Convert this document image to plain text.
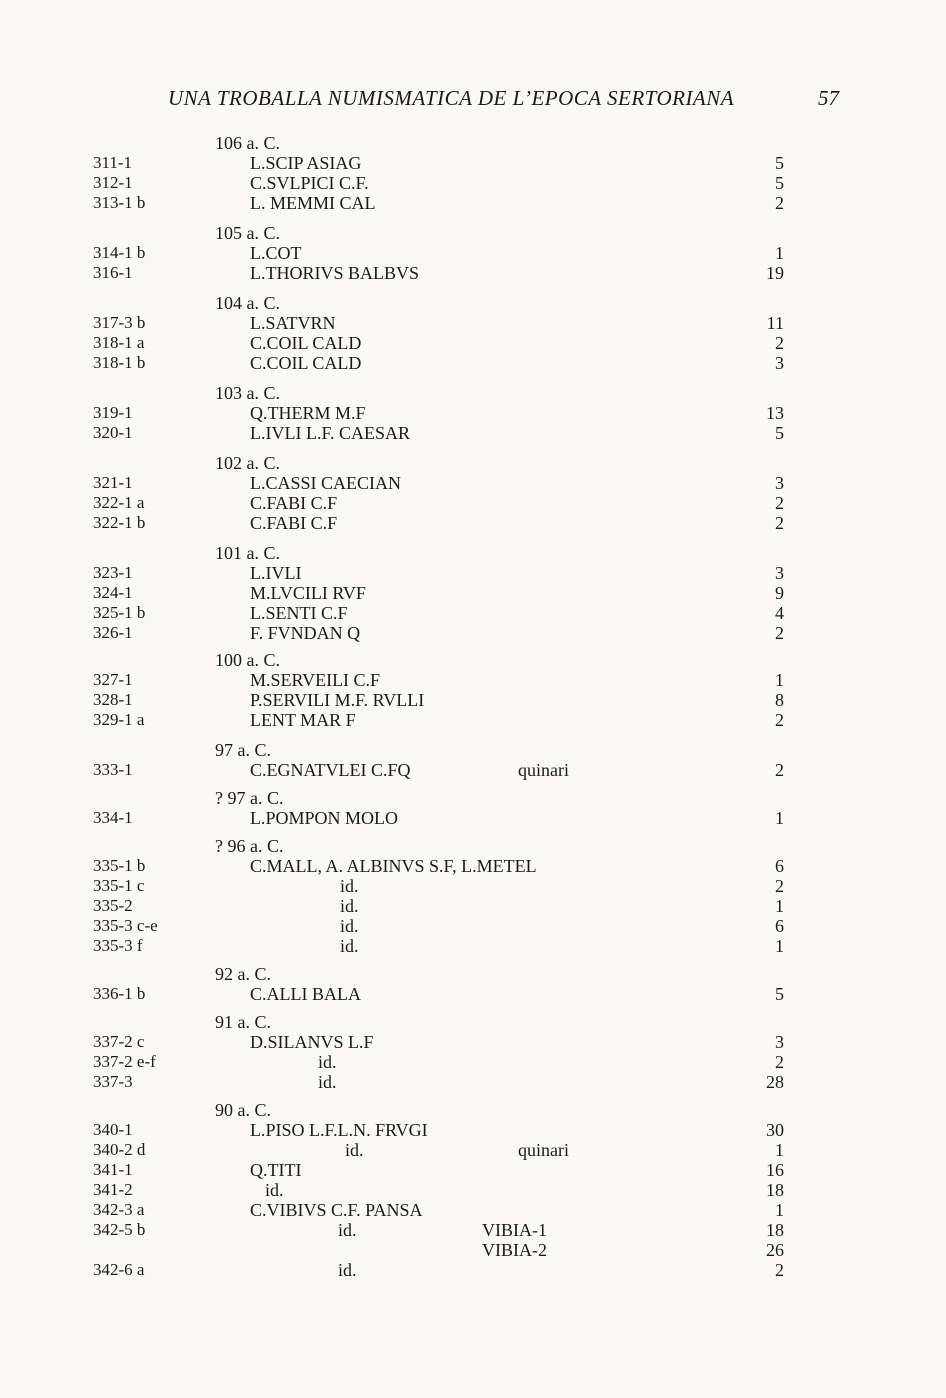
UNA TROBALLA NUMISMATICA DE L’EPOCA SERTORIANA	57
106 a. C.
311-1	L.SCIP ASIAG	5
312-1	C.SVLPICI C.F.	5
313-1 b	L. MEMMI CAL	2
105 a. C.
314-1 b	L.COT	1
316-1	L.THORIVS BALBVS	19
104 a. C.
317-3 b	L.SATVRN	11
318-1 a	C.COIL CALD	2
318-1 b	C.COIL CALD	3
103 a. C.
319-1	Q.THERM M.F	13
320-1	L.IVLI L.F. CAESAR	5
102 a. C.
321-1	L.CASSI CAECIAN	3
322-1 a	C.FABI C.F	2
322-1 b	C.FABI C.F	2
101 a. C.
323-1	L.IVLI	3
324-1	M.LVCILI RVF	9
325-1 b	L.SENTI C.F	4
326-1	F. FVNDAN Q	2
100 a. C.
327-1	M.SERVEILI C.F	1
328-1	P.SERVILI M.F. RVLLI	8
329-1 a	LENT MAR F	2
97 a. C.
333-1	C.EGNATVLEI C.FQ	quinari	2
? 97 a. C.
334-1	L.POMPON MOLO	1
? 96 a. C.
335-1 b	C.MALL, A. ALBINVS S.F, L.METEL	6
335-1 c	id.	2
335-2	id.	1
335-3 c-e	id.	6
335-3 f	id.	1
92 a. C.
336-1 b	C.ALLI BALA	5
91 a. C.
337-2 c	D.SILANVS L.F	3
337-2 e-f	id.	2
337-3	id.	28
90 a. C.
340-1	L.PISO L.F.L.N. FRVGI	30
340-2 d	id.	quinari	1
341-1	Q.TITI	16
341-2	id.	18
342-3 a	C.VIBIVS C.F. PANSA	1
342-5 b	id.	VIBIA-1	18
VIBIA-2	26
342-6 a	id.	2
